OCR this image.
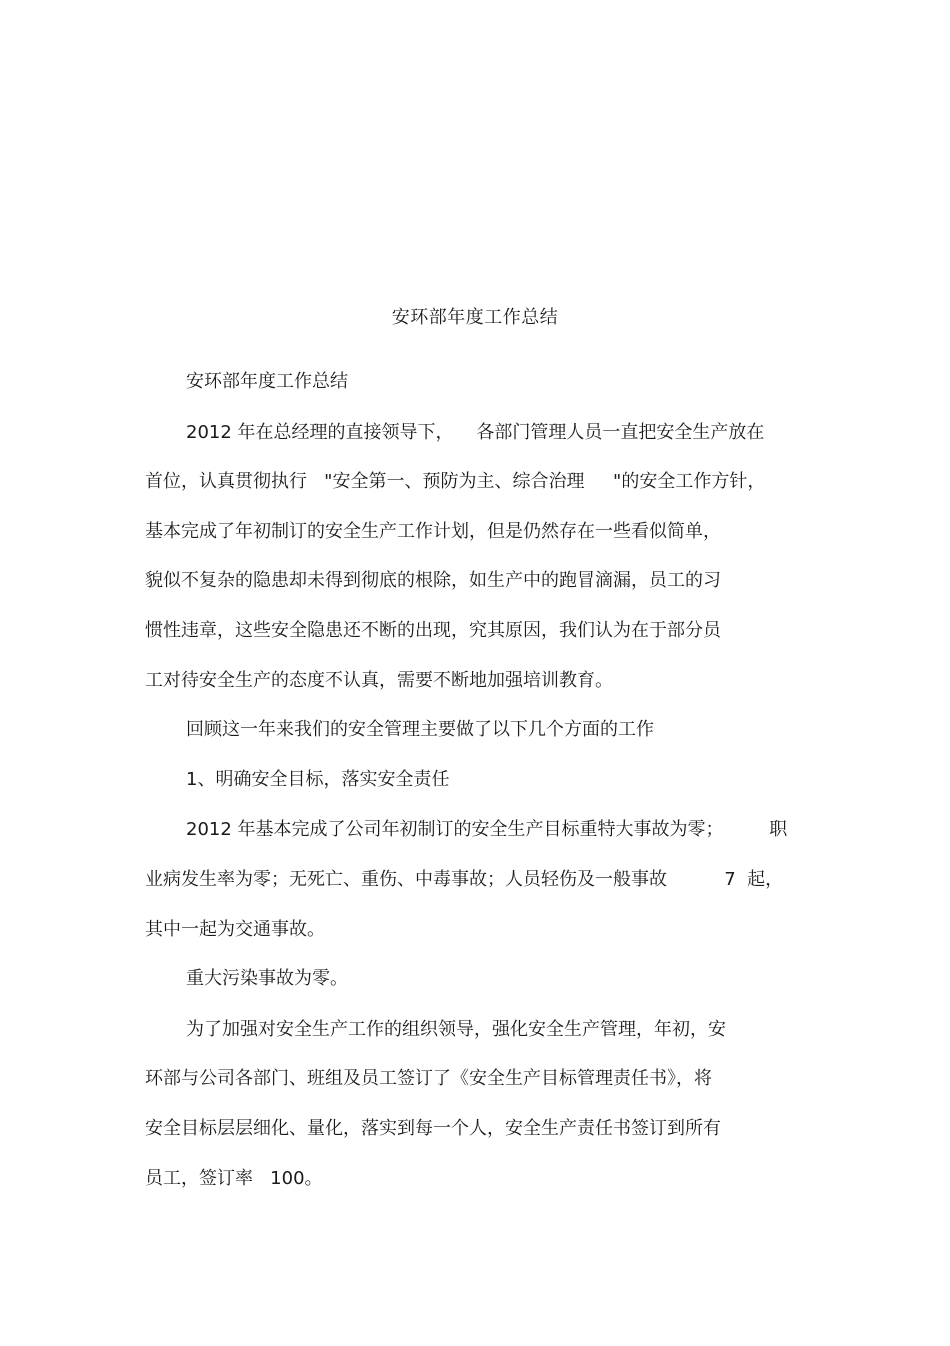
安环部年度工作总结
安环部年度工作总结
2012 年在总经理的直接领导下，    各部门管理人员一直把安全生产放在
首位，认真贯彻执行   "安全第一、预防为主、综合治理     "的安全工作方针，
基本完成了年初制订的安全生产工作计划，但是仍然存在一些看似简单，
貌似不复杂的隐患却未得到彻底的根除，如生产中的跑冒滴漏，员工的习
惯性违章，这些安全隐患还不断的出现，究其原因，我们认为在于部分员
工对待安全生产的态度不认真，需要不断地加强培训教育。
回顾这一年来我们的安全管理主要做了以下几个方面的工作
1、明确安全目标，落实安全责任
2012 年基本完成了公司年初制订的安全生产目标重特大事故为零；        职
业病发生率为零；无死亡、重伤、中毒事故；人员轻伤及一般事故          7  起，
其中一起为交通事故。
重大污染事故为零。
为了加强对安全生产工作的组织领导，强化安全生产管理，年初，安
环部与公司各部门、班组及员工签订了《安全生产目标管理责任书》，将
安全目标层层细化、量化，落实到每一个人，安全生产责任书签订到所有
员工，签订率   100。
